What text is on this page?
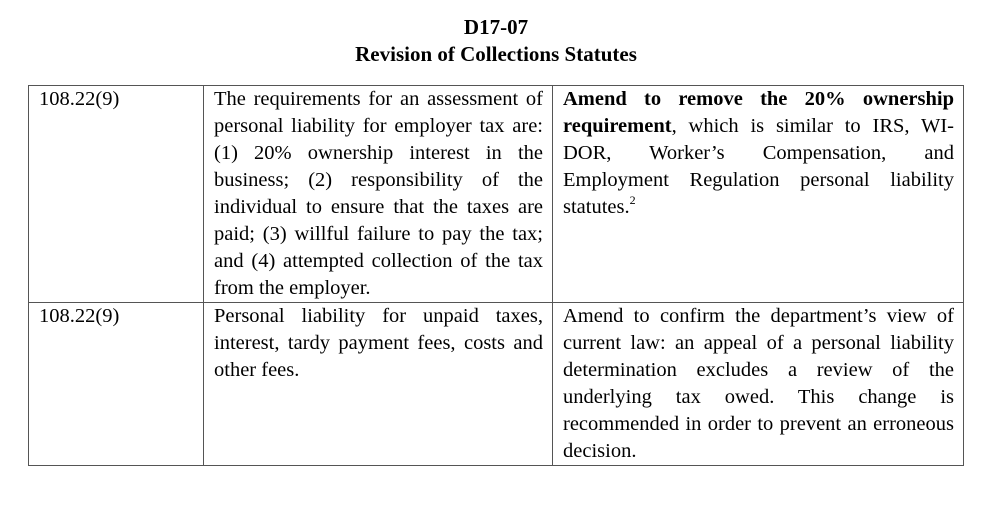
D17-07
Revision of Collections Statutes
108.22(9)	The requirements for an assessment of personal liability for employer tax are: (1) 20% ownership interest in the business; (2) responsibility of the individual to ensure that the taxes are paid; (3) willful failure to pay the tax; and (4) attempted collection of the tax from the employer.	Amend to remove the 20% ownership requirement, which is similar to IRS, WI-DOR, Worker’s Compensation, and Employment Regulation personal liability statutes.$^2$
108.22(9)	Personal liability for unpaid taxes, interest, tardy payment fees, costs and other fees.	Amend to confirm the department’s view of current law: an appeal of a personal liability determination excludes a review of the underlying tax owed. This change is recommended in order to prevent an erroneous decision.
